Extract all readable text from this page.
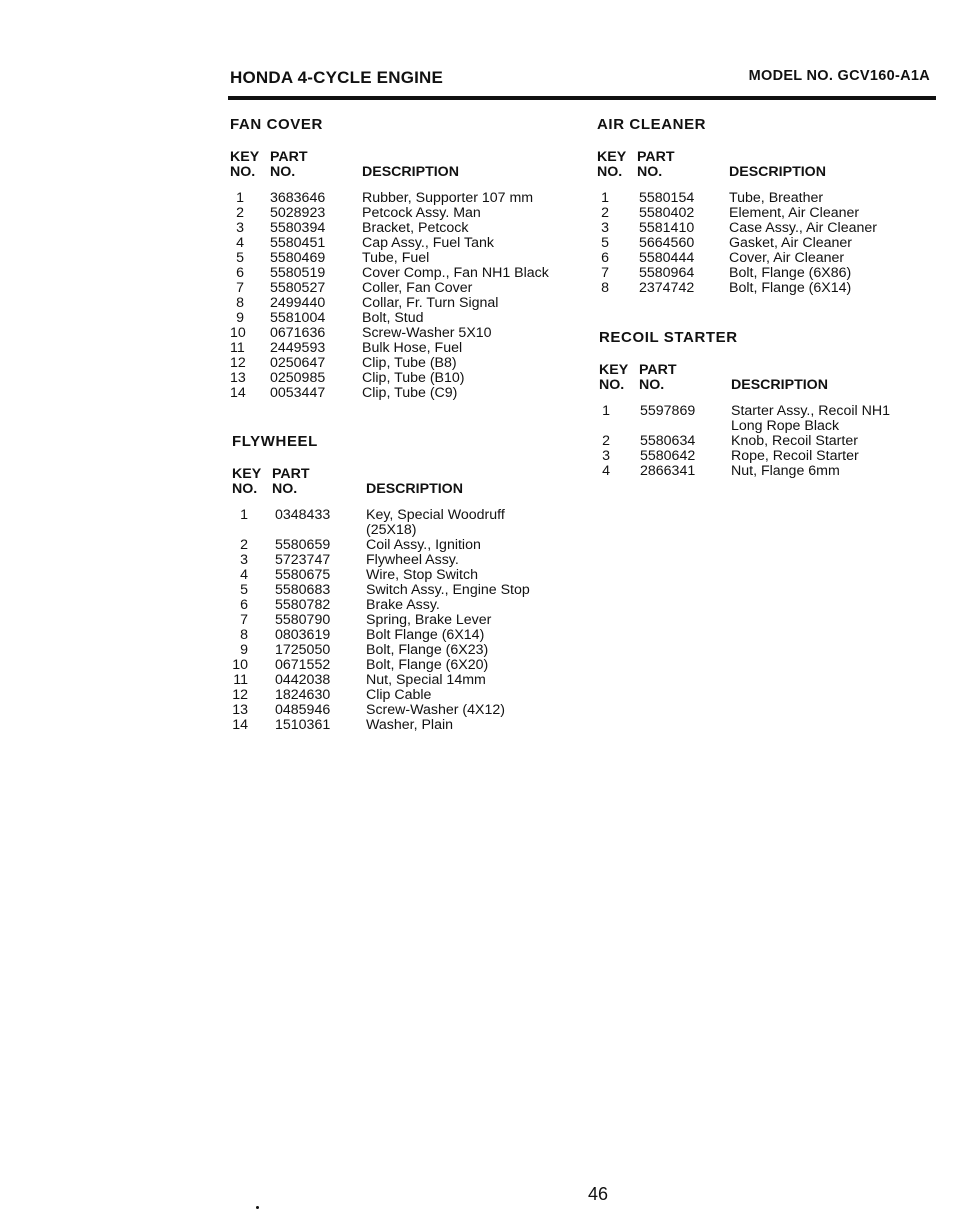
HONDA 4-CYCLE ENGINE	MODEL NO. GCV160-A1A
FAN COVER
KEY
NO.
PART
NO.	DESCRIPTION
1 3683646	Rubber, Supporter 107 mm
2 5028923	Petcock Assy. Man
3 5580394	Bracket, Petcock
4 5580451	Cap Assy., Fuel Tank
5 5580469	Tube, Fuel
6 5580519	Cover Comp., Fan NH1 Black
7 5580527	Coller, Fan Cover
8 2499440	Collar, Fr. Turn Signal
9 5581004	Bolt, Stud
10 0671636	Screw-Washer 5X10
11 2449593	Bulk Hose, Fuel
12 0250647	Clip, Tube (B8)
13 0250985	Clip, Tube (B10)
14 0053447	Clip, Tube (C9)
FLYWHEEL
KEY
NO.
PART
NO.	DESCRIPTION
1 0348433	Key, Special Woodruff
(25X18)
2 5580659	Coil Assy., Ignition
3 5723747	Flywheel Assy.
4 5580675	Wire, Stop Switch
5 5580683	Switch Assy., Engine Stop
6 5580782	Brake Assy.
7 5580790	Spring, Brake Lever
8 0803619	Bolt Flange (6X14)
9 1725050	Bolt, Flange (6X23)
10 0671552	Bolt, Flange (6X20)
11 0442038	Nut, Special 14mm
12 1824630	Clip Cable
13 0485946	Screw-Washer (4X12)
14 1510361	Washer, Plain
AIR CLEANER
KEY
NO.
PART
NO.	DESCRIPTION
1 5580154 Tube, Breather
2 5580402 Element, Air Cleaner
3 5581410 Case Assy., Air Cleaner
5 5664560 Gasket, Air Cleaner
6 5580444 Cover, Air Cleaner
7 5580964 Bolt, Flange (6X86)
8 2374742 Bolt, Flange (6X14)
RECOIL STARTER
KEY
NO.
PART
NO.	DESCRIPTION
1 5597869	Starter Assy., Recoil NH1
Long Rope Black
2 5580634	Knob, Recoil Starter
3 5580642	Rope, Recoil Starter
4 2866341	Nut, Flange 6mm
46
